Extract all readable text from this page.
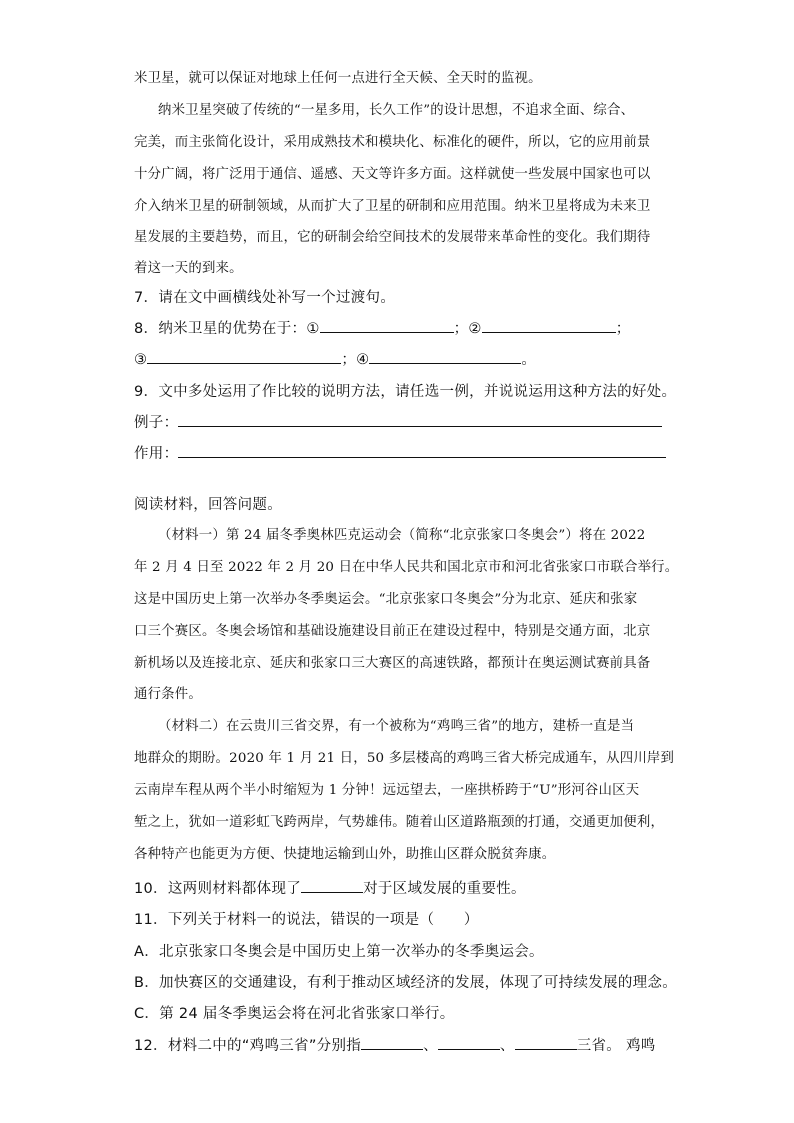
米卫星，就可以保证对地球上任何一点进行全天候、全天时的监视。
纳米卫星突破了传统的“一星多用，长久工作”的设计思想，不追求全面、综合、
完美，而主张简化设计，采用成熟技术和模块化、标准化的硬件，所以，它的应用前景
十分广阔，将广泛用于通信、遥感、天文等许多方面。这样就使一些发展中国家也可以
介入纳米卫星的研制领域，从而扩大了卫星的研制和应用范围。纳米卫星将成为未来卫
星发展的主要趋势，而且，它的研制会给空间技术的发展带来革命性的变化。我们期待
着这一天的到来。
7．请在文中画横线处补写一个过渡句。
8．纳米卫星的优势在于：①	；②	；
③	；④	。
9．文中多处运用了作比较的说明方法，请任选一例，并说说运用这种方法的好处。
例子：
作用：
阅读材料，回答问题。
（材料一）第 24 届冬季奥林匹克运动会（简称“北京张家口冬奥会”）将在 2022
年 2 月 4 日至 2022 年 2 月 20 日在中华人民共和国北京市和河北省张家口市联合举行。
这是中国历史上第一次举办冬季奥运会。“北京张家口冬奥会”分为北京、延庆和张家
口三个赛区。冬奥会场馆和基础设施建设目前正在建设过程中，特别是交通方面，北京
新机场以及连接北京、延庆和张家口三大赛区的高速铁路，都预计在奥运测试赛前具备
通行条件。
（材料二）在云贵川三省交界，有一个被称为“鸡鸣三省”的地方，建桥一直是当
地群众的期盼。2020 年 1 月 21 日，50 多层楼高的鸡鸣三省大桥完成通车，从四川岸到
云南岸车程从两个半小时缩短为 1 分钟！远远望去，一座拱桥跨于“U”形河谷山区天
堑之上，犹如一道彩虹飞跨两岸，气势雄伟。随着山区道路瓶颈的打通，交通更加便利，
各种特产也能更为方便、快捷地运输到山外，助推山区群众脱贫奔康。
10．这两则材料都体现了	对于区域发展的重要性。
11．下列关于材料一的说法，错误的一项是（　　）
A．北京张家口冬奥会是中国历史上第一次举办的冬季奥运会。
B．加快赛区的交通建设，有利于推动区域经济的发展，体现了可持续发展的理念。
C．第 24 届冬季奥运会将在河北省张家口举行。
12．材料二中的“鸡鸣三省”分别指	、	、	三省。 鸡鸣
